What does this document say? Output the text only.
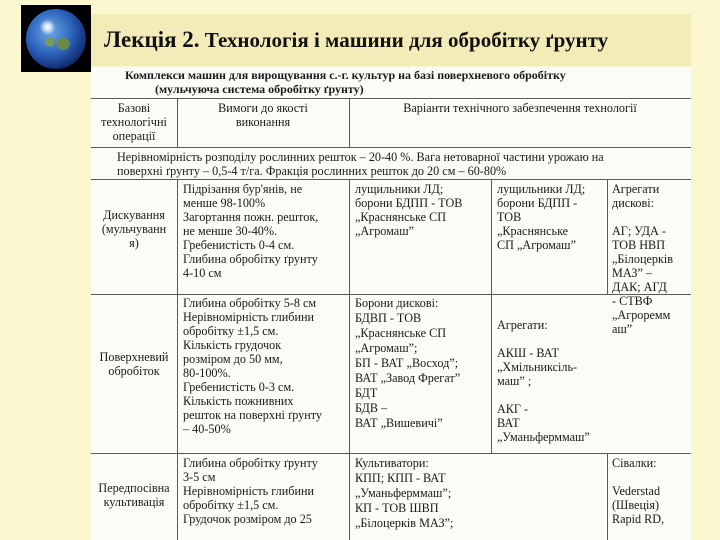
Лекція 2. Технологія і машини для обробітку ґрунту
Комплекси машин для вирощування с.-г. культур на базі поверхневого обробітку
(мульчуюча система обробітку ґрунту)
Базові
технологічні
операції
Вимоги до якості
виконання
Варіанти технічного забезпечення технології
Нерівномірність розподілу рослинних решток – 20-40 %. Вага нетоварної частини урожаю на
поверхні ґрунту – 0,5-4 т/га. Фракція рослинних решток до 20 см – 60-80%
Дискування
(мульчуванн
я)
Підрізання бур'янів, не
менше 98-100%
Загортання пожн. решток,
не менше 30-40%.
Гребенистість 0-4 см.
Глибина обробітку ґрунту
4-10 см
лущильники ЛД;
борони БДПП - ТОВ
„Краснянське СП
„Агромаш”
лущильники ЛД;
борони БДПП -
ТОВ
„Краснянське
СП „Агромаш”
Агрегати
дискові:

АГ; УДА -
ТОВ НВП
„Білоцерків
МАЗ” –
ДАК; АГД
- СТВФ
„Агроремм
аш”
Поверхневий
обробіток
Глибина обробітку 5-8 см
Нерівномірність глибини
обробітку ±1,5 см.
Кількість грудочок
розміром до 50 мм,
80-100%.
Гребенистість 0-3 см.
Кількість пожнивних
решток на поверхні ґрунту
– 40-50%
Борони дискові:
БДВП - ТОВ
„Краснянське СП
„Агромаш”;
БП - ВАТ „Восход”;
ВАТ „Завод Фрегат”
БДТ
БДВ –
ВАТ „Вишевичі”
Агрегати:

АКШ - ВАТ
„Хмільниксіль-
маш” ;

АКГ -
ВАТ
„Уманьферммаш”
Передпосівна
культивація
Глибина обробітку ґрунту
3-5 см
Нерівномірність глибини
обробітку ±1,5 см.
Грудочок розміром до 25
Культиватори:
КПП; КПП - ВАТ
„Уманьферммаш”;
КП - ТОВ ШВП
„Білоцерків МАЗ”;
Сівалки:

Vederstad
(Швеція)
Rapid RD,
